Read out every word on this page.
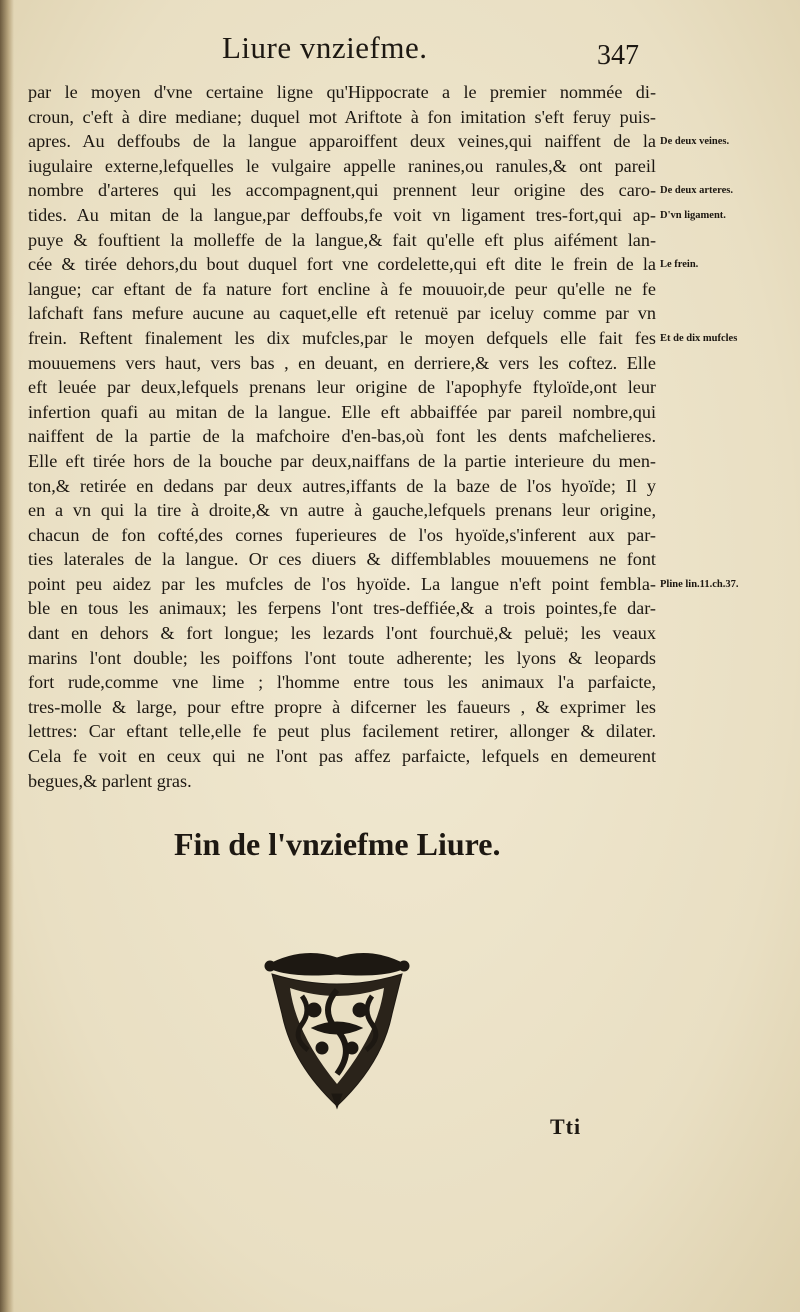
Liure vnziefme.	347
par le moyen d'vne certaine ligne qu'Hippocrate a le premier nommée di-
croun, c'eft à dire mediane; duquel mot Ariftote à fon imitation s'eft feruy puis-
apres. Au deffoubs de la langue apparoiffent deux veines,qui naiffent de la
iugulaire externe,lefquelles le vulgaire appelle ranines,ou ranules,& ont pareil
nombre d'arteres qui les accompagnent,qui prennent leur origine des caro-
tides. Au mitan de la langue,par deffoubs,fe voit vn ligament tres-fort,qui ap-
puye & fouftient la molleffe de la langue,& fait qu'elle eft plus aifément lan-
cée & tirée dehors,du bout duquel fort vne cordelette,qui eft dite le frein de la
langue; car eftant de fa nature fort encline à fe mouuoir,de peur qu'elle ne fe
lafchaft fans mefure aucune au caquet,elle eft retenuë par iceluy comme par vn
frein. Reftent finalement les dix mufcles,par le moyen defquels elle fait fes
mouuemens vers haut, vers bas , en deuant, en derriere,& vers les coftez. Elle
eft leuée par deux,lefquels prenans leur origine de l'apophyfe ftyloïde,ont leur
infertion quafi au mitan de la langue. Elle eft abbaiffée par pareil nombre,qui
naiffent de la partie de la mafchoire d'en-bas,où font les dents mafchelieres.
Elle eft tirée hors de la bouche par deux,naiffans de la partie interieure du men-
ton,& retirée en dedans par deux autres,iffants de la baze de l'os hyoïde; Il y
en a vn qui la tire à droite,& vn autre à gauche,lefquels prenans leur origine,
chacun de fon cofté,des cornes fuperieures de l'os hyoïde,s'inferent aux par-
ties laterales de la langue. Or ces diuers & diffemblables mouuemens ne font
point peu aidez par les mufcles de l'os hyoïde. La langue n'eft point fembla-
ble en tous les animaux; les ferpens l'ont tres-deffiée,& a trois pointes,fe dar-
dant en dehors & fort longue; les lezards l'ont fourchuë,& peluë; les veaux
marins l'ont double; les poiffons l'ont toute adherente; les lyons & leopards
fort rude,comme vne lime ; l'homme entre tous les animaux l'a parfaicte,
tres-molle & large, pour eftre propre à difcerner les faueurs , & exprimer les
lettres: Car eftant telle,elle fe peut plus facilement retirer, allonger & dilater.
Cela fe voit en ceux qui ne l'ont pas affez parfaicte, lefquels en demeurent
begues,& parlent gras.
De deux veines.
De deux arteres.
D'vn ligament.
Le frein.
Et de dix mufcles
Pline lin.11.ch.37.
Fin de l'vnziefme Liure.
Tti
